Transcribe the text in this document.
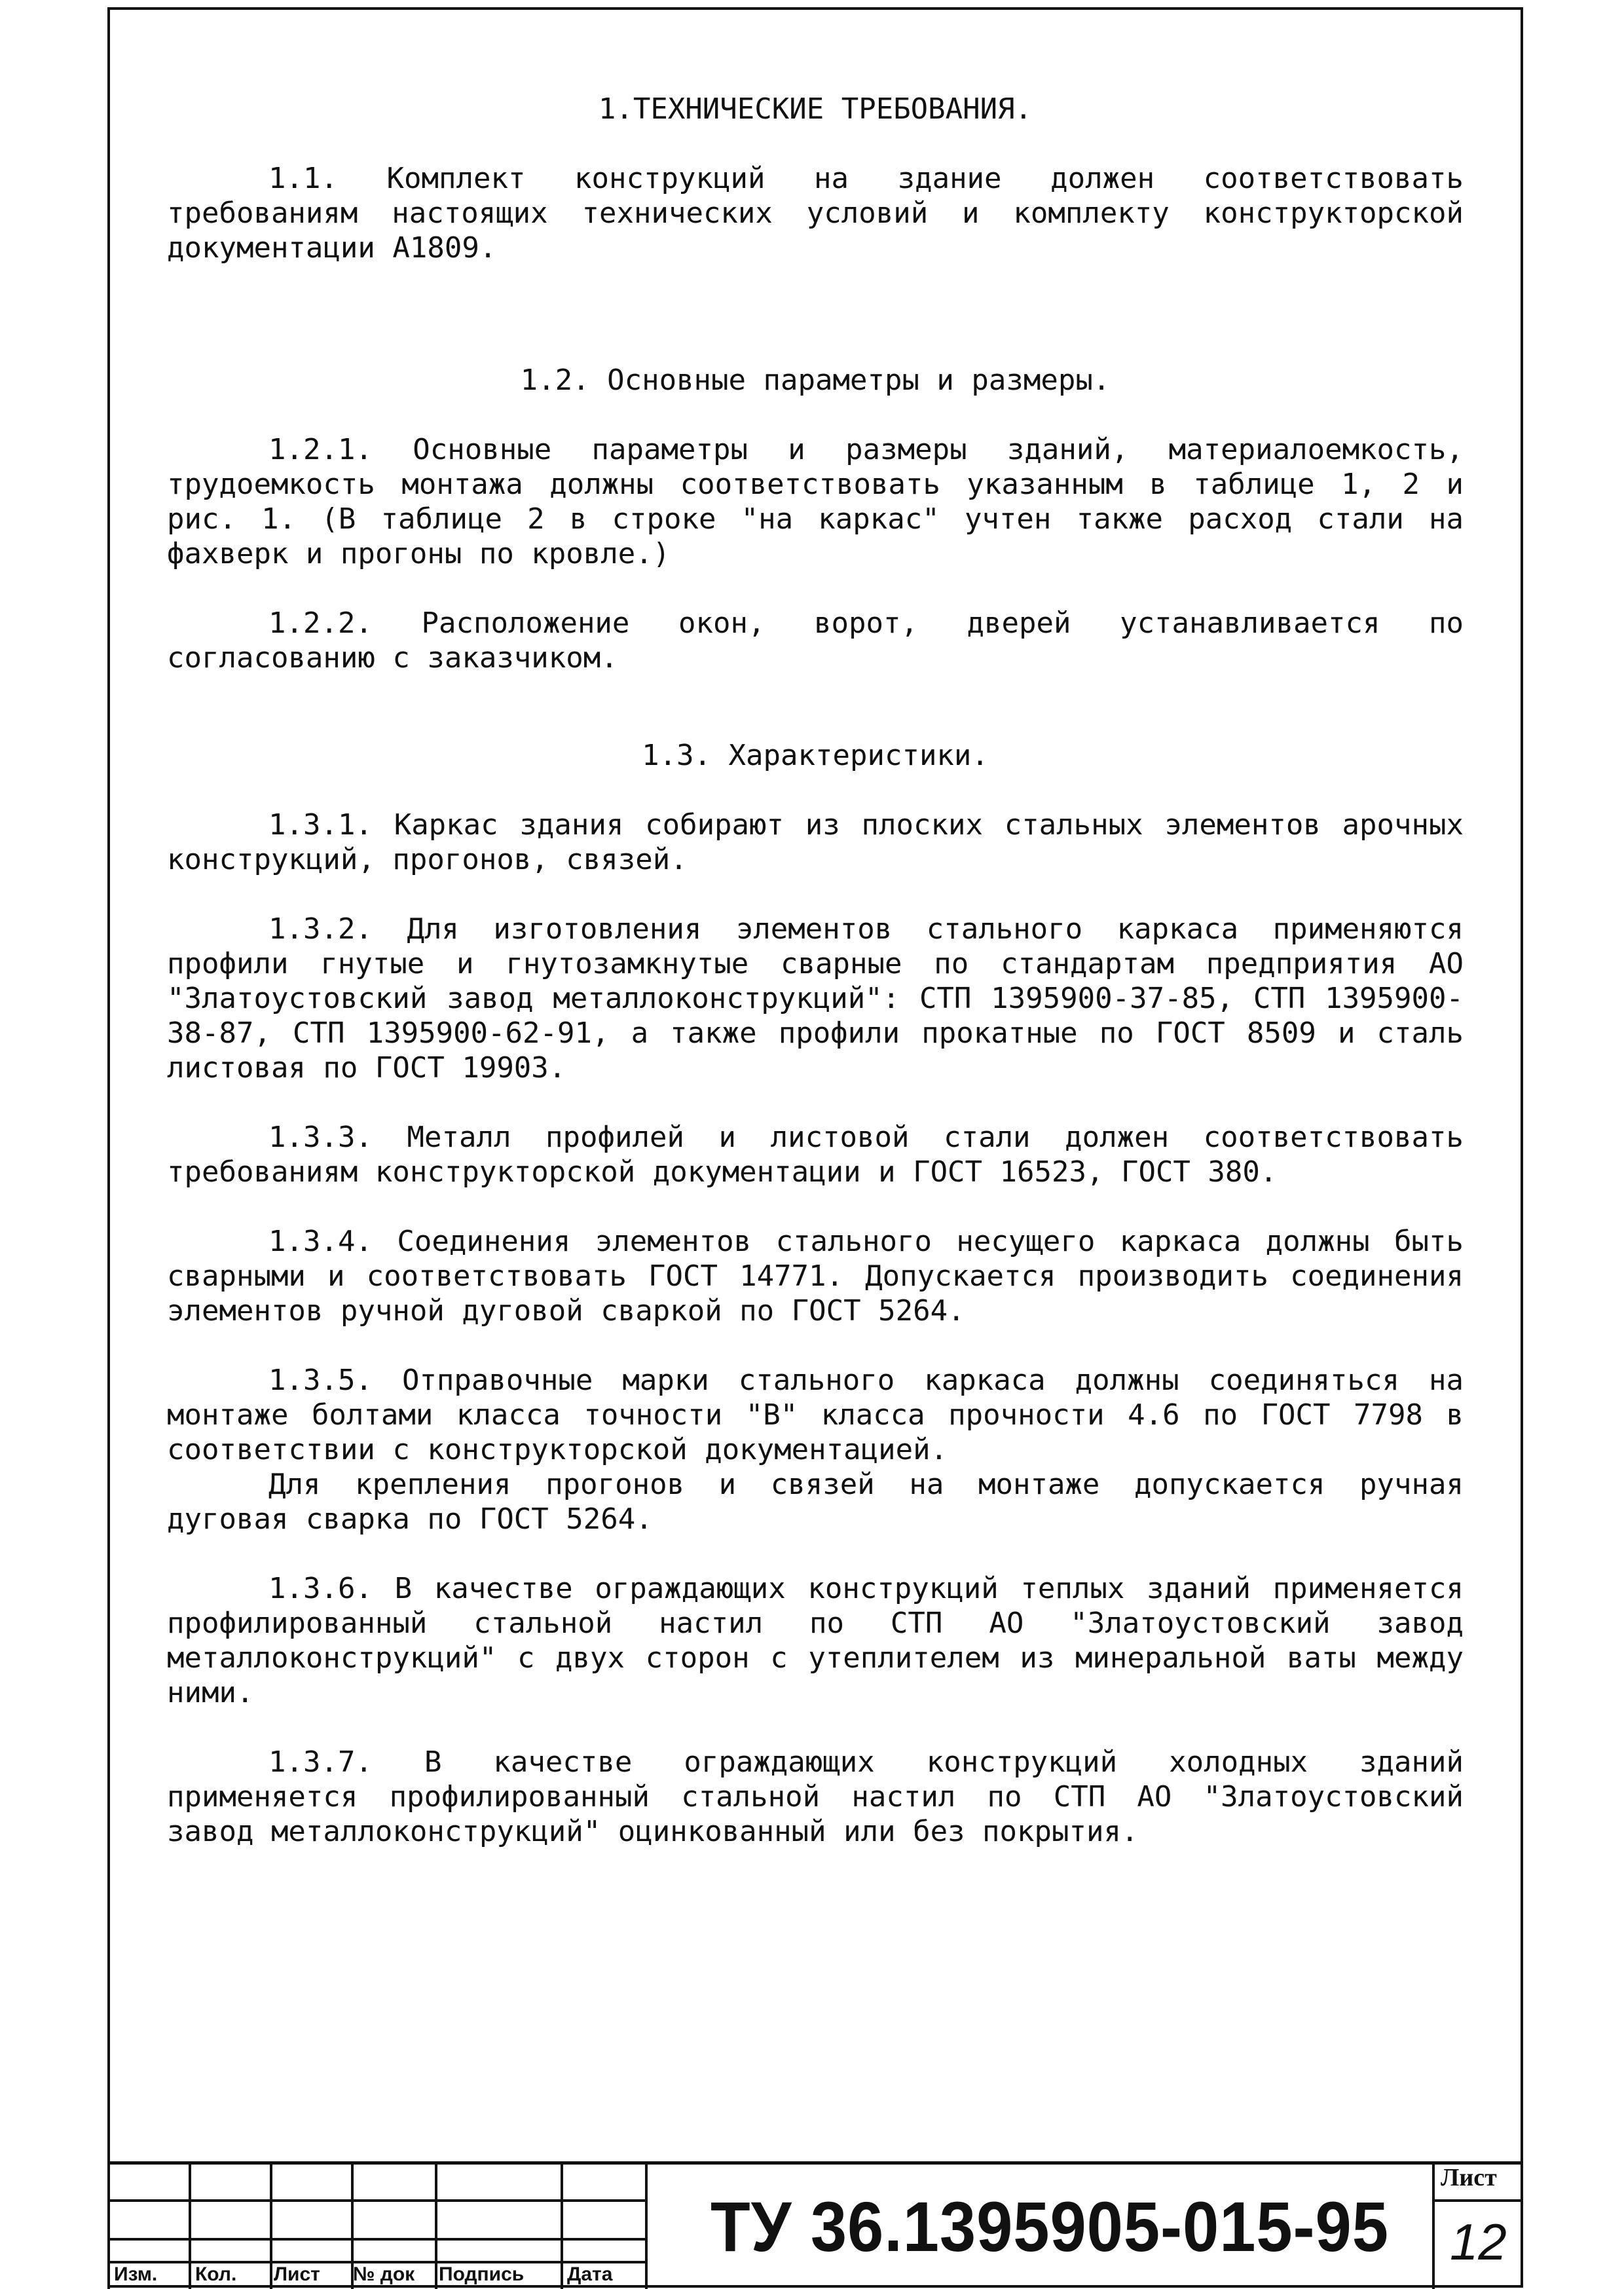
1.ТЕХНИЧЕСКИЕ ТРЕБОВАНИЯ.

1.1. Комплект конструкций на здание должен соответствовать требованиям настоящих технических условий и комплекту конструкторской документации А1809.

1.2. Основные параметры и размеры.

1.2.1. Основные параметры и размеры зданий, материалоемкость, трудоемкость монтажа должны соответствовать указанным в таблице 1, 2 и рис. 1. (В таблице 2 в строке "на каркас" учтен также расход стали на фахверк и прогоны по кровле.)

1.2.2. Расположение окон, ворот, дверей устанавливается по согласованию с заказчиком.

1.3. Характеристики.

1.3.1. Каркас здания собирают из плоских стальных элементов арочных конструкций, прогонов, связей.

1.3.2. Для изготовления элементов стального каркаса применяются профили гнутые и гнутозамкнутые сварные по стандартам предприятия АО "Златоустовский завод металлоконструкций": СТП 1395900-37-85, СТП 1395900-38-87, СТП 1395900-62-91, а также профили прокатные по ГОСТ 8509 и сталь листовая по ГОСТ 19903.

1.3.3. Металл профилей и листовой стали должен соответствовать требованиям конструкторской документации и ГОСТ 16523, ГОСТ 380.

1.3.4. Соединения элементов стального несущего каркаса должны быть сварными и соответствовать ГОСТ 14771. Допускается производить соединения элементов ручной дуговой сваркой по ГОСТ 5264.

1.3.5. Отправочные марки стального каркаса должны соединяться на монтаже болтами класса точности "В" класса прочности 4.6 по ГОСТ 7798 в соответствии с конструкторской документацией.

Для крепления прогонов и связей на монтаже допускается ручная дуговая сварка по ГОСТ 5264.

1.3.6. В качестве ограждающих конструкций теплых зданий применяется профилированный стальной настил по СТП АО "Златоустовский завод металлоконструкций" с двух сторон с утеплителем из минеральной ваты между ними.

1.3.7. В качестве ограждающих конструкций холодных зданий применяется профилированный стальной настил по СТП АО "Златоустовский завод металлоконструкций" оцинкованный или без покрытия.

Изм. Кол. Лист № док Подпись Дата
ТУ 36.1395905-015-95
Лист
12
